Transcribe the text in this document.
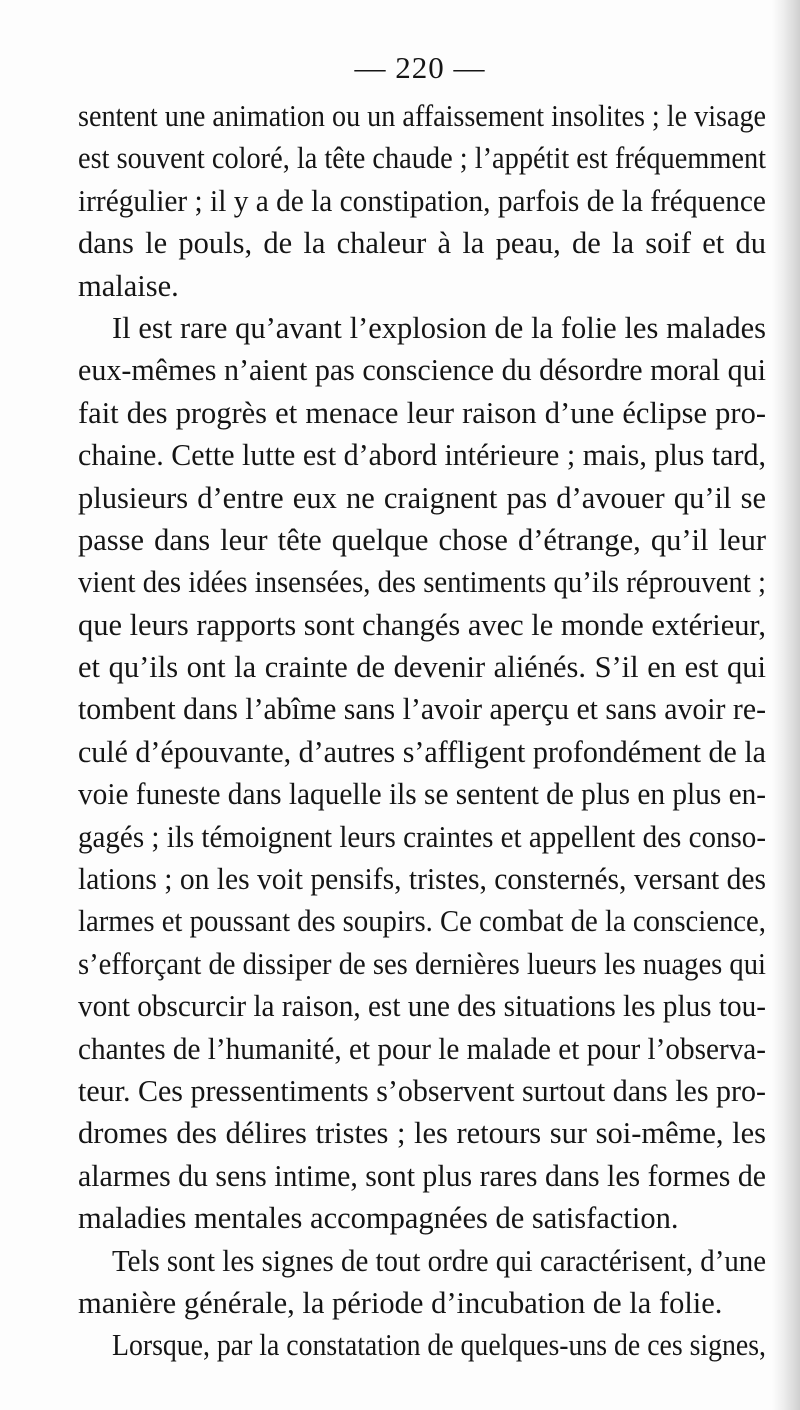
— 220 —
sentent une animation ou un affaissement insolites ; le visage
est souvent coloré, la tête chaude ; l’appétit est fréquemment
irrégulier ; il y a de la constipation, parfois de la fréquence
dans le pouls, de la chaleur à la peau, de la soif et du
malaise.
Il est rare qu’avant l’explosion de la folie les malades
eux-mêmes n’aient pas conscience du désordre moral qui
fait des progrès et menace leur raison d’une éclipse pro-
chaine. Cette lutte est d’abord intérieure ; mais, plus tard,
plusieurs d’entre eux ne craignent pas d’avouer qu’il se
passe dans leur tête quelque chose d’étrange, qu’il leur
vient des idées insensées, des sentiments qu’ils réprouvent ;
que leurs rapports sont changés avec le monde extérieur,
et qu’ils ont la crainte de devenir aliénés. S’il en est qui
tombent dans l’abîme sans l’avoir aperçu et sans avoir re-
culé d’épouvante, d’autres s’affligent profondément de la
voie funeste dans laquelle ils se sentent de plus en plus en-
gagés ; ils témoignent leurs craintes et appellent des conso-
lations ; on les voit pensifs, tristes, consternés, versant des
larmes et poussant des soupirs. Ce combat de la conscience,
s’efforçant de dissiper de ses dernières lueurs les nuages qui
vont obscurcir la raison, est une des situations les plus tou-
chantes de l’humanité, et pour le malade et pour l’observa-
teur. Ces pressentiments s’observent surtout dans les pro-
dromes des délires tristes ; les retours sur soi-même, les
alarmes du sens intime, sont plus rares dans les formes de
maladies mentales accompagnées de satisfaction.
Tels sont les signes de tout ordre qui caractérisent, d’une
manière générale, la période d’incubation de la folie.
Lorsque, par la constatation de quelques-uns de ces signes,
